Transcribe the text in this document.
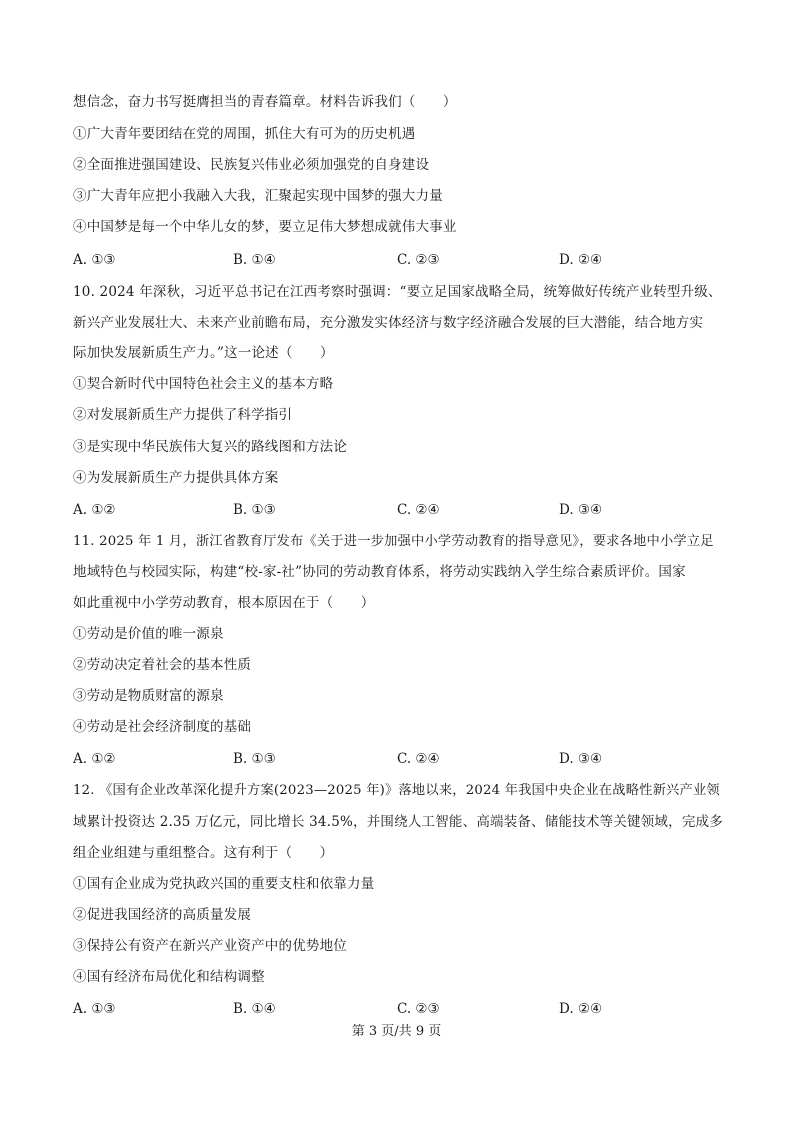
想信念，奋力书写挺膺担当的青春篇章。材料告诉我们（　　）
①广大青年要团结在党的周围，抓住大有可为的历史机遇
②全面推进强国建设、民族复兴伟业必须加强党的自身建设
③广大青年应把小我融入大我，汇聚起实现中国梦的强大力量
④中国梦是每一个中华儿女的梦，要立足伟大梦想成就伟大事业
A. ①③	B. ①④	C. ②③	D. ②④
10. 2024 年深秋，习近平总书记在江西考察时强调：“要立足国家战略全局，统筹做好传统产业转型升级、
新兴产业发展壮大、未来产业前瞻布局，充分激发实体经济与数字经济融合发展的巨大潜能，结合地方实
际加快发展新质生产力。”这一论述（　　）
①契合新时代中国特色社会主义的基本方略
②对发展新质生产力提供了科学指引
③是实现中华民族伟大复兴的路线图和方法论
④为发展新质生产力提供具体方案
A. ①②	B. ①③	C. ②④	D. ③④
11. 2025 年 1 月，浙江省教育厅发布《关于进一步加强中小学劳动教育的指导意见》，要求各地中小学立足
地域特色与校园实际，构建“校-家-社”协同的劳动教育体系，将劳动实践纳入学生综合素质评价。国家
如此重视中小学劳动教育，根本原因在于（　　）
①劳动是价值的唯一源泉
②劳动决定着社会的基本性质
③劳动是物质财富的源泉
④劳动是社会经济制度的基础
A. ①②	B. ①③	C. ②④	D. ③④
12. 《国有企业改革深化提升方案(2023—2025 年)》落地以来，2024 年我国中央企业在战略性新兴产业领
域累计投资达 2.35 万亿元，同比增长 34.5%，并围绕人工智能、高端装备、储能技术等关键领域，完成多
组企业组建与重组整合。这有利于（　　）
①国有企业成为党执政兴国的重要支柱和依靠力量
②促进我国经济的高质量发展
③保持公有资产在新兴产业资产中的优势地位
④国有经济布局优化和结构调整
A. ①③	B. ①④	C. ②③	D. ②④
第 3 页/共 9 页
